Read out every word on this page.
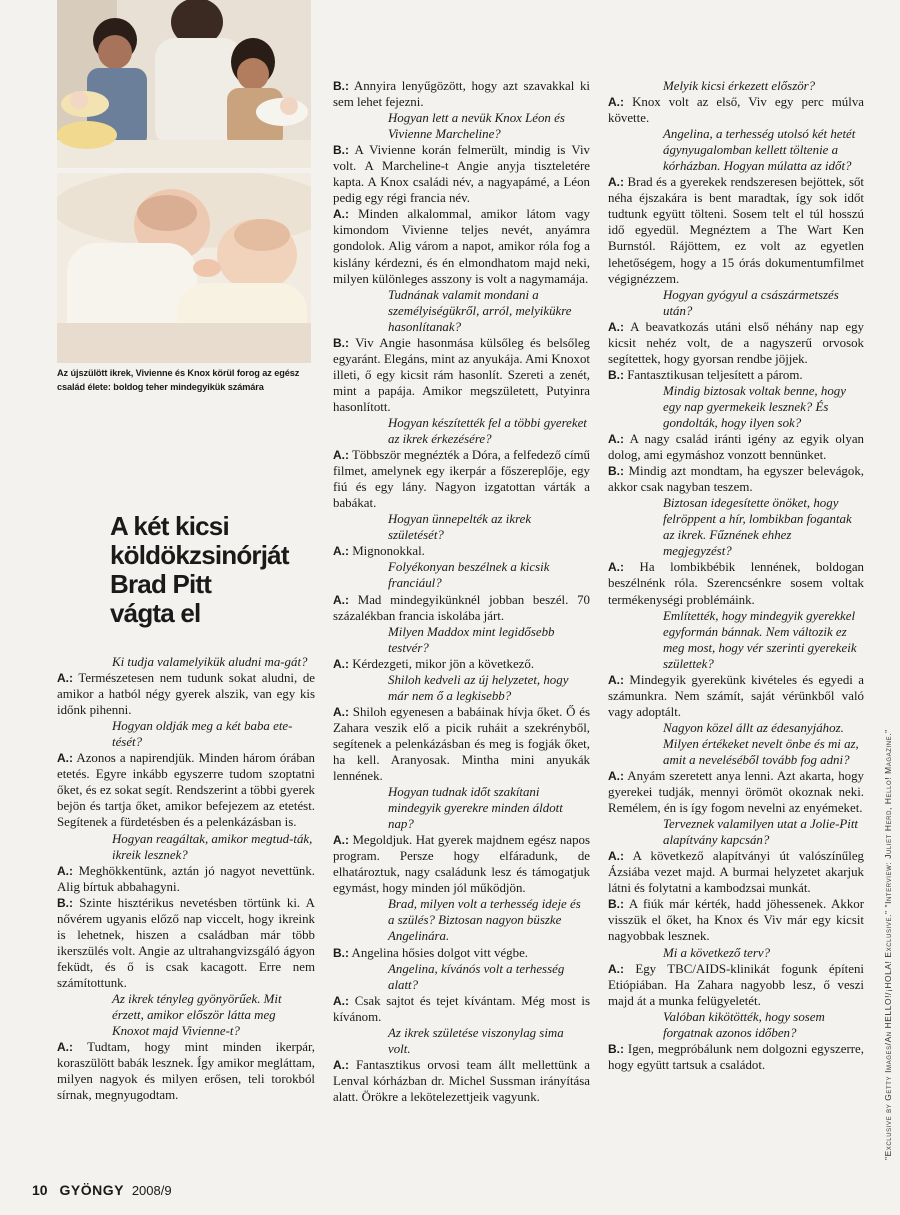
Az újszülött ikrek, Vivienne és Knox körül forog az egész család élete: boldog teher mindegyikük számára
A két kicsi
köldökzsinórját
Brad Pitt
vágta el
Ki tudja valamelyikük aludni ma-gát?
A.: Természetesen nem tudunk sokat aludni, de amikor a hatból négy gyerek alszik, van egy kis időnk pihenni.
Hogyan oldják meg a két baba ete-tését?
A.: Azonos a napirendjük. Minden három órában etetés. Egyre inkább egyszerre tudom szoptatni őket, és ez sokat segít. Rendszerint a többi gyerek bejön és tartja őket, amikor befejezem az etetést. Segítenek a fürdetésben és a pelenkázásban is.
Hogyan reagáltak, amikor megtud-ták, ikreik lesznek?
A.: Meghökkentünk, aztán jó nagyot nevettünk. Alig bírtuk abbahagyni.
B.: Szinte hisztérikus nevetésben törtünk ki. A nővérem ugyanis előző nap viccelt, hogy ikreink is lehetnek, hiszen a családban már több ikerszülés volt. Angie az ultrahangvizsgáló ágyon feküdt, és ő is csak kacagott. Erre nem számítottunk.
Az ikrek tényleg gyönyörűek. Mit érzett, amikor először látta meg Knoxot majd Vivienne-t?
A.: Tudtam, hogy mint minden ikerpár, koraszülött babák lesznek. Így amikor megláttam, milyen nagyok és milyen erősen, teli torokból sírnak, megnyugodtam.
B.: Annyira lenyűgözött, hogy azt szavakkal ki sem lehet fejezni.
Hogyan lett a nevük Knox Léon és Vivienne Marcheline?
B.: A Vivienne korán felmerült, mindig is Viv volt. A Marcheline-t Angie anyja tiszteletére kapta. A Knox családi név, a nagyapámé, a Léon pedig egy régi francia név.
A.: Minden alkalommal, amikor látom vagy kimondom Vivienne teljes nevét, anyámra gondolok. Alig várom a napot, amikor róla fog a kislány kérdezni, és én elmondhatom majd neki, milyen különleges asszony is volt a nagymamája.
Tudnának valamit mondani a személyiségükről, arról, melyikükre hasonlítanak?
B.: Viv Angie hasonmása külsőleg és belsőleg egyaránt. Elegáns, mint az anyukája. Ami Knoxot illeti, ő egy kicsit rám hasonlít. Szereti a zenét, mint a papája. Amikor megszületett, Putyinra hasonlított.
Hogyan készítették fel a többi gyereket az ikrek érkezésére?
A.: Többször megnézték a Dóra, a felfedező című filmet, amelynek egy ikerpár a főszereplője, egy fiú és egy lány. Nagyon izgatottan várták a babákat.
Hogyan ünnepelték az ikrek születését?
A.: Mignonokkal.
Folyékonyan beszélnek a kicsik franciául?
A.: Mad mindegyikünknél jobban beszél. 70 százalékban francia iskolába járt.
Milyen Maddox mint legidősebb testvér?
A.: Kérdezgeti, mikor jön a következő.
Shiloh kedveli az új helyzetet, hogy már nem ő a legkisebb?
A.: Shiloh egyenesen a babáinak hívja őket. Ő és Zahara veszik elő a picik ruháit a szekrényből, segítenek a pelenkázásban és meg is fogják őket, ha kell. Aranyosak. Mintha mini anyukák lennének.
Hogyan tudnak időt szakítani mindegyik gyerekre minden áldott nap?
A.: Megoldjuk. Hat gyerek majdnem egész napos program. Persze hogy elfáradunk, de elhatároztuk, nagy családunk lesz és támogatjuk egymást, hogy minden jól működjön.
Brad, milyen volt a terhesség ideje és a szülés? Biztosan nagyon büszke Angelinára.
B.: Angelina hősies dolgot vitt végbe.
Angelina, kívánós volt a terhesség alatt?
A.: Csak sajtot és tejet kívántam. Még most is kívánom.
Az ikrek születése viszonylag sima volt.
A.: Fantasztikus orvosi team állt mellettünk a Lenval kórházban dr. Michel Sussman irányítása alatt. Örökre a lekötelezettjeik vagyunk.
Melyik kicsi érkezett először?
A.: Knox volt az első, Viv egy perc múlva követte.
Angelina, a terhesség utolsó két hetét ágynyugalomban kellett töltenie a kórházban. Hogyan múlatta az időt?
A.: Brad és a gyerekek rendszeresen bejöttek, sőt néha éjszakára is bent maradtak, így sok időt tudtunk együtt tölteni. Sosem telt el túl hosszú idő egyedül. Megnéztem a The Wart Ken Burnstól. Rájöttem, ez volt az egyetlen lehetőségem, hogy a 15 órás dokumentumfilmet végignézzem.
Hogyan gyógyul a császármetszés után?
A.: A beavatkozás utáni első néhány nap egy kicsit nehéz volt, de a nagyszerű orvosok segítettek, hogy gyorsan rendbe jöjjek.
B.: Fantasztikusan teljesített a párom.
Mindig biztosak voltak benne, hogy egy nap gyermekeik lesznek? És gondolták, hogy ilyen sok?
A.: A nagy család iránti igény az egyik olyan dolog, ami egymáshoz vonzott bennünket.
B.: Mindig azt mondtam, ha egyszer belevágok, akkor csak nagyban teszem.
Biztosan idegesítette önöket, hogy felröppent a hír, lombikban fogantak az ikrek. Fűznének ehhez megjegyzést?
A.: Ha lombikbébik lennének, boldogan beszélnénk róla. Szerencsénkre sosem voltak termékenységi problémáink.
Említették, hogy mindegyik gyerekkel egyformán bánnak. Nem változik ez meg most, hogy vér szerinti gyerekeik születtek?
A.: Mindegyik gyerekünk kivételes és egyedi a számunkra. Nem számít, saját vérünkből való vagy adoptált.
Nagyon közel állt az édesanyjához. Milyen értékeket nevelt önbe és mi az, amit a neveléséből tovább fog adni?
A.: Anyám szeretett anya lenni. Azt akarta, hogy gyerekei tudják, mennyi örömöt okoznak neki. Remélem, én is így fogom nevelni az enyémeket.
Terveznek valamilyen utat a Jolie-Pitt alapítvány kapcsán?
A.: A következő alapítványi út valószínűleg Ázsiába vezet majd. A burmai helyzetet akarjuk látni és folytatni a kambodzsai munkát.
B.: A fiúk már kérték, hadd jöhessenek. Akkor visszük el őket, ha Knox és Viv már egy kicsit nagyobbak lesznek.
Mi a következő terv?
A.: Egy TBC/AIDS-klinikát fogunk építeni Etiópiában. Ha Zahara nagyobb lesz, ő veszi majd át a munka felügyeletét.
Valóban kikötötték, hogy sosem forgatnak azonos időben?
B.: Igen, megpróbálunk nem dolgozni egyszerre, hogy együtt tartsuk a családot.
10 GYÖNGY 2008/9
"Exclusive by Getty Images/An HELLO!/¡HOLA! Exclusive." "Interview: Juliet Herd, Hello! Magazine."
